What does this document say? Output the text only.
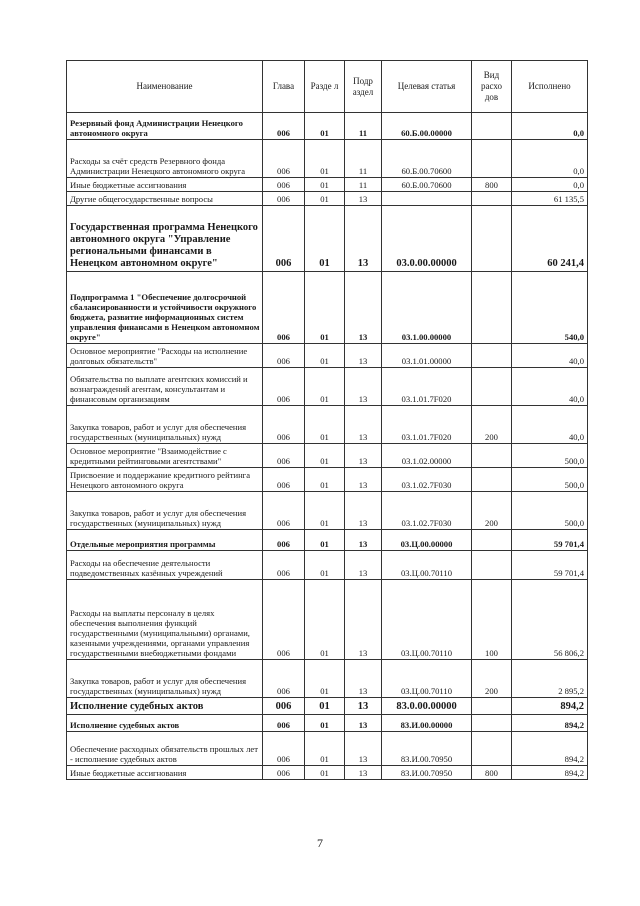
Наименование	Глава	Разде л	Подр аздел	Целевая статья	Вид расхо дов	Исполнено
Резервный фонд Администрации Ненецкого автономного округа	006	01	11	60.Б.00.00000		0,0
Расходы за счёт средств Резервного фонда Администрации Ненецкого автономного округа	006	01	11	60.Б.00.70600		0,0
Иные бюджетные ассигнования	006	01	11	60.Б.00.70600	800	0,0
Другие общегосударственные вопросы	006	01	13			61 135,5
Государственная программа Ненецкого автономного округа "Управление региональными финансами в Ненецком автономном округе"	006	01	13	03.0.00.00000		60 241,4
Подпрограмма 1 "Обеспечение долгосрочной сбалансированности и устойчивости окружного бюджета, развитие информационных систем управления финансами в Ненецком автономном округе"	006	01	13	03.1.00.00000		540,0
Основное мероприятие "Расходы на исполнение долговых обязательств"	006	01	13	03.1.01.00000		40,0
Обязательства по выплате агентских комиссий и вознаграждений агентам, консультантам и финансовым организациям	006	01	13	03.1.01.7F020		40,0
Закупка товаров, работ и услуг для обеспечения государственных (муниципальных) нужд	006	01	13	03.1.01.7F020	200	40,0
Основное мероприятие "Взаимодействие с кредитными рейтинговыми агентствами"	006	01	13	03.1.02.00000		500,0
Присвоение и поддержание кредитного рейтинга Ненецкого автономного округа	006	01	13	03.1.02.7F030		500,0
Закупка товаров, работ и услуг для обеспечения государственных (муниципальных) нужд	006	01	13	03.1.02.7F030	200	500,0
Отдельные мероприятия программы	006	01	13	03.Ц.00.00000		59 701,4
Расходы на обеспечение деятельности подведомственных казённых учреждений	006	01	13	03.Ц.00.70110		59 701,4
Расходы на выплаты персоналу в целях обеспечения выполнения функций государственными (муниципальными) органами, казенными учреждениями, органами управления государственными внебюджетными фондами	006	01	13	03.Ц.00.70110	100	56 806,2
Закупка товаров, работ и услуг для обеспечения государственных (муниципальных) нужд	006	01	13	03.Ц.00.70110	200	2 895,2
Исполнение судебных актов	006	01	13	83.0.00.00000		894,2
Исполнение судебных актов	006	01	13	83.И.00.00000		894,2
Обеспечение расходных обязательств прошлых лет - исполнение судебных актов	006	01	13	83.И.00.70950		894,2
Иные бюджетные ассигнования	006	01	13	83.И.00.70950	800	894,2
7
